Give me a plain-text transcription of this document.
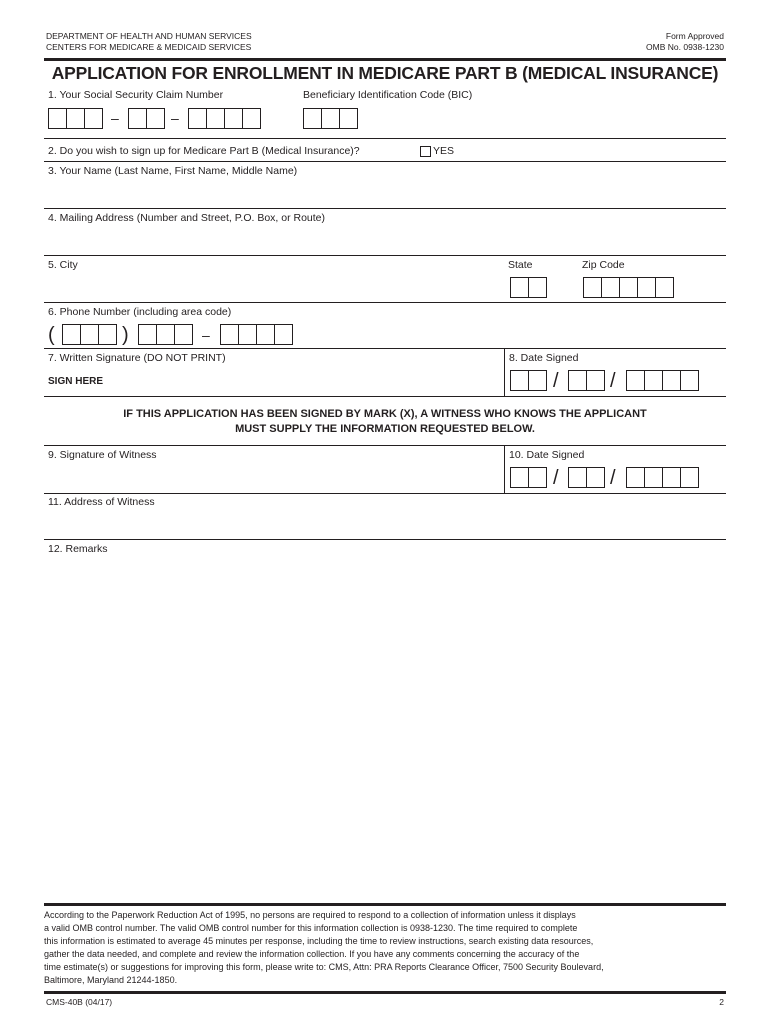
DEPARTMENT OF HEALTH AND HUMAN SERVICES
CENTERS FOR MEDICARE & MEDICAID SERVICES
Form Approved
OMB No. 0938-1230
APPLICATION FOR ENROLLMENT IN MEDICARE PART B (MEDICAL INSURANCE)
1. Your Social Security Claim Number	Beneficiary Identification Code (BIC)
–	–
2. Do you wish to sign up for Medicare Part B (Medical Insurance)?	YES
3. Your Name (Last Name, First Name, Middle Name)
4. Mailing Address (Number and Street, P.O. Box, or Route)
5. City	State	Zip Code
6. Phone Number (including area code)
(	)	–
7. Written Signature (DO NOT PRINT)
SIGN HERE
8. Date Signed
/	/
IF THIS APPLICATION HAS BEEN SIGNED BY MARK (X), A WITNESS WHO KNOWS THE APPLICANT
MUST SUPPLY THE INFORMATION REQUESTED BELOW.
9. Signature of Witness	10. Date Signed
/	/
11. Address of Witness
12. Remarks
According to the Paperwork Reduction Act of 1995, no persons are required to respond to a collection of information unless it displays
a valid OMB control number. The valid OMB control number for this information collection is 0938-1230. The time required to complete
this information is estimated to average 45 minutes per response, including the time to review instructions, search existing data resources,
gather the data needed, and complete and review the information collection. If you have any comments concerning the accuracy of the
time estimate(s) or suggestions for improving this form, please write to: CMS, Attn: PRA Reports Clearance Officer, 7500 Security Boulevard,
Baltimore, Maryland 21244-1850.
CMS-40B (04/17)	2
